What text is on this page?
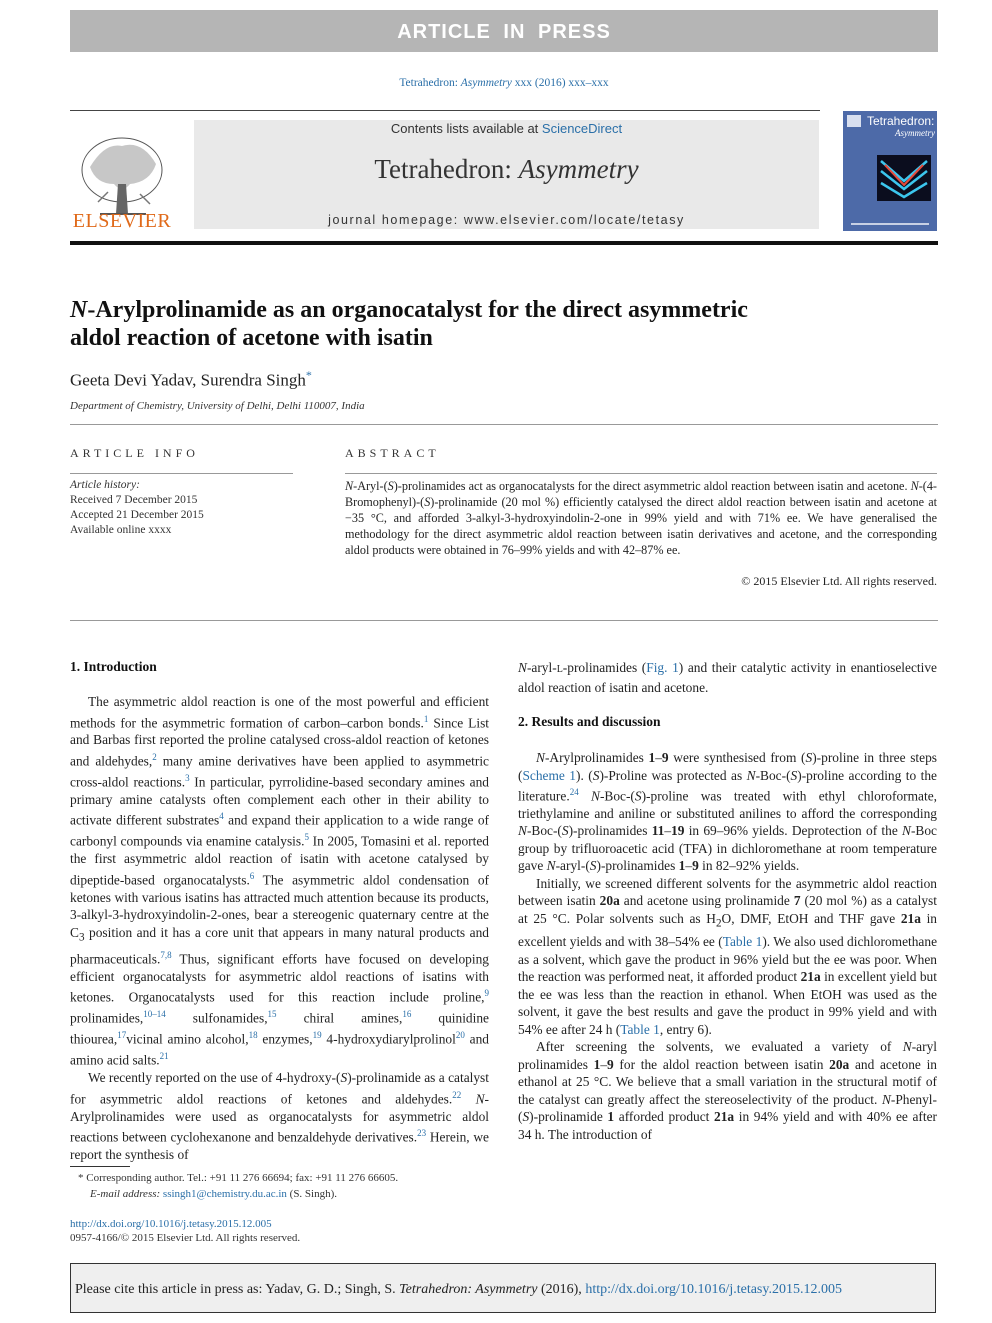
ARTICLE IN PRESS
Tetrahedron: Asymmetry xxx (2016) xxx–xxx
ELSEVIER
Contents lists available at ScienceDirect
Tetrahedron: Asymmetry
journal homepage: www.elsevier.com/locate/tetasy
Tetrahedron:
Asymmetry
N-Arylprolinamide as an organocatalyst for the direct asymmetric
aldol reaction of acetone with isatin
Geeta Devi Yadav, Surendra Singh*
Department of Chemistry, University of Delhi, Delhi 110007, India
ARTICLE INFO
Article history:
Received 7 December 2015
Accepted 21 December 2015
Available online xxxx
ABSTRACT
N-Aryl-(S)-prolinamides act as organocatalysts for the direct asymmetric aldol reaction between isatin and acetone. N-(4-Bromophenyl)-(S)-prolinamide (20 mol %) efficiently catalysed the direct aldol reaction between isatin and acetone at −35 °C, and afforded 3-alkyl-3-hydroxyindolin-2-one in 99% yield and with 71% ee. We have generalised the methodology for the direct asymmetric aldol reaction between isatin derivatives and acetone, and the corresponding aldol products were obtained in 76–99% yields and with 42–87% ee.
© 2015 Elsevier Ltd. All rights reserved.
1. Introduction

The asymmetric aldol reaction is one of the most powerful and efficient methods for the asymmetric formation of carbon–carbon bonds.$^1$ Since List and Barbas first reported the proline catalysed cross-aldol reaction of ketones and aldehydes,$^2$ many amine derivatives have been applied to asymmetric cross-aldol reactions.$^3$ In particular, pyrrolidine-based secondary amines and primary amine catalysts often complement each other in their ability to activate different substrates$^4$ and expand their application to a wide range of carbonyl compounds via enamine catalysis.$^5$ In 2005, Tomasini et al. reported the first asymmetric aldol reaction of isatin with acetone catalysed by dipeptide-based organocatalysts.$^6$ The asymmetric aldol condensation of ketones with various isatins has attracted much attention because its products, 3-alkyl-3-hydroxyindolin-2-ones, bear a stereogenic quaternary centre at the $C_3$ position and it has a core unit that appears in many natural products and pharmaceuticals.$^{7,8}$ Thus, significant efforts have focused on developing efficient organocatalysts for asymmetric aldol reactions of isatins with ketones. Organocatalysts used for this reaction include proline,$^9$ prolinamides,$^{10-14}$ sulfonamides,$^{15}$ chiral amines,$^{16}$ quinidine thiourea,$^{17}$vicinal amino alcohol,$^{18}$ enzymes,$^{19}$ 4-hydroxydiarylprolinol$^{20}$ and amino acid salts.$^{21}$

We recently reported on the use of 4-hydroxy-(S)-prolinamide as a catalyst for asymmetric aldol reactions of ketones and aldehydes.$^{22}$ N-Arylprolinamides were used as organocatalysts for asymmetric aldol reactions between cyclohexanone and benzaldehyde derivatives.$^{23}$ Herein, we report the synthesis of

* Corresponding author. Tel.: +91 11 276 66694; fax: +91 11 276 66605.
E-mail address: ssingh1@chemistry.du.ac.in (S. Singh).
http://dx.doi.org/10.1016/j.tetasy.2015.12.005
0957-4166/© 2015 Elsevier Ltd. All rights reserved.

N-aryl-L-prolinamides (Fig. 1) and their catalytic activity in enantioselective aldol reaction of isatin and acetone.

2. Results and discussion

N-Arylprolinamides 1–9 were synthesised from (S)-proline in three steps (Scheme 1). (S)-Proline was protected as N-Boc-(S)-proline according to the literature.$^{24}$ N-Boc-(S)-proline was treated with ethyl chloroformate, triethylamine and aniline or substituted anilines to afford the corresponding N-Boc-(S)-prolinamides 11–19 in 69–96% yields. Deprotection of the N-Boc group by trifluoroacetic acid (TFA) in dichloromethane at room temperature gave N-aryl-(S)-prolinamides 1–9 in 82–92% yields.

Initially, we screened different solvents for the asymmetric aldol reaction between isatin 20a and acetone using prolinamide 7 (20 mol %) as a catalyst at 25 °C. Polar solvents such as $H_2O$, DMF, EtOH and THF gave 21a in excellent yields and with 38–54% ee (Table 1). We also used dichloromethane as a solvent, which gave the product in 96% yield but the ee was poor. When the reaction was performed neat, it afforded product 21a in excellent yield but the ee was less than the reaction in ethanol. When EtOH was used as the solvent, it gave the best results and gave the product in 99% yield and with 54% ee after 24 h (Table 1, entry 6).

After screening the solvents, we evaluated a variety of N-aryl prolinamides 1–9 for the aldol reaction between isatin 20a and acetone in ethanol at 25 °C. We believe that a small variation in the structural motif of the catalyst can greatly affect the stereoselectivity of the product. N-Phenyl-(S)-prolinamide 1 afforded product 21a in 94% yield and with 40% ee after 34 h. The introduction of

Please cite this article in press as: Yadav, G. D.; Singh, S. Tetrahedron: Asymmetry (2016), http://dx.doi.org/10.1016/j.tetasy.2015.12.005
